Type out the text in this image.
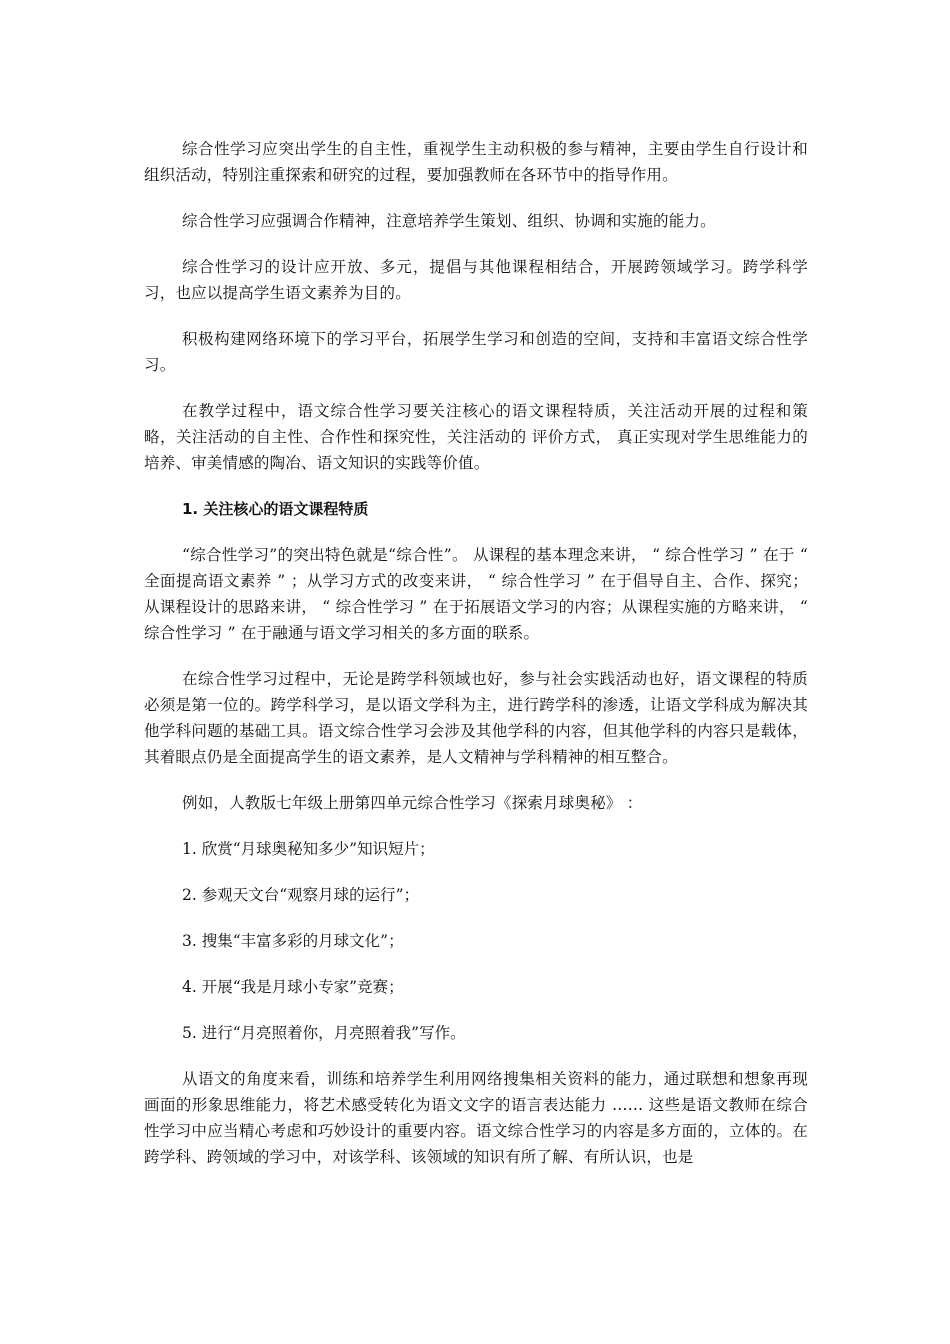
综合性学习应突出学生的自主性，重视学生主动积极的参与精神，主要由学生自行设计和组织活动，特别注重探索和研究的过程，要加强教师在各环节中的指导作用。

综合性学习应强调合作精神，注意培养学生策划、组织、协调和实施的能力。

综合性学习的设计应开放、多元，提倡与其他课程相结合，开展跨领域学习。跨学科学习，也应以提高学生语文素养为目的。

积极构建网络环境下的学习平台，拓展学生学习和创造的空间，支持和丰富语文综合性学习。

在教学过程中，语文综合性学习要关注核心的语文课程特质，关注活动开展的过程和策略，关注活动的自主性、合作性和探究性，关注活动的 评价方式， 真正实现对学生思维能力的培养、审美情感的陶冶、语文知识的实践等价值。

1. 关注核心的语文课程特质

“综合性学习”的突出特色就是“综合性”。 从课程的基本理念来讲， “ 综合性学习 ” 在于 “ 全面提高语文素养 ” ；从学习方式的改变来讲， “ 综合性学习 ” 在于倡导自主、合作、探究；从课程设计的思路来讲， “ 综合性学习 ” 在于拓展语文学习的内容；从课程实施的方略来讲， “ 综合性学习 ” 在于融通与语文学习相关的多方面的联系。

在综合性学习过程中，无论是跨学科领域也好，参与社会实践活动也好，语文课程的特质必须是第一位的。跨学科学习，是以语文学科为主，进行跨学科的渗透，让语文学科成为解决其他学科问题的基础工具。语文综合性学习会涉及其他学科的内容，但其他学科的内容只是载体，其着眼点仍是全面提高学生的语文素养，是人文精神与学科精神的相互整合。

例如，人教版七年级上册第四单元综合性学习《探索月球奥秘》 ：

1. 欣赏“月球奥秘知多少”知识短片；

2. 参观天文台“观察月球的运行”；

3. 搜集“丰富多彩的月球文化”；

4. 开展“我是月球小专家”竞赛；

5. 进行“月亮照着你，月亮照着我”写作。

从语文的角度来看，训练和培养学生利用网络搜集相关资料的能力，通过联想和想象再现画面的形象思维能力，将艺术感受转化为语文文字的语言表达能力 …… 这些是语文教师在综合性学习中应当精心考虑和巧妙设计的重要内容。语文综合性学习的内容是多方面的，立体的。在跨学科、跨领域的学习中，对该学科、该领域的知识有所了解、有所认识，也是
